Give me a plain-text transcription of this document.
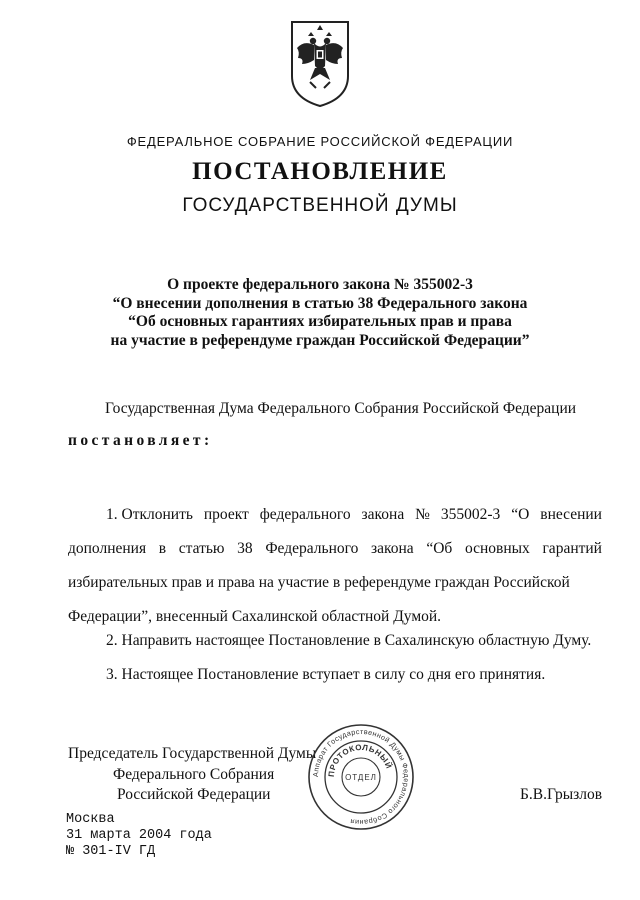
ФЕДЕРАЛЬНОЕ СОБРАНИЕ РОССИЙСКОЙ ФЕДЕРАЦИИ
ПОСТАНОВЛЕНИЕ
ГОСУДАРСТВЕННОЙ ДУМЫ
О проекте федерального закона № 355002-3
“О внесении дополнения в статью 38 Федерального закона
“Об основных гарантиях избирательных прав и права
на участие в референдуме граждан Российской Федерации”
Государственная Дума Федерального Собрания Российской Федерации
постановляет:
1. Отклонить проект федерального закона № 355002-3 “О внесении
дополнения в статью 38 Федерального закона “Об основных гарантий
избирательных прав и права на участие в референдуме граждан Российской
Федерации”, внесенный Сахалинской областной Думой.
2. Направить настоящее Постановление в Сахалинскую областную Думу.
3. Настоящее Постановление вступает в силу со дня его принятия.
Председатель Государственной Думы
Федерального Собрания
Российской Федерации	Б.В.Грызлов
Аппарат Государственной Думы Федерального Собрания
ПРОТОКОЛЬНЫЙ
ОТДЕЛ
Москва
31 марта 2004 года
№ 301-IV ГД
